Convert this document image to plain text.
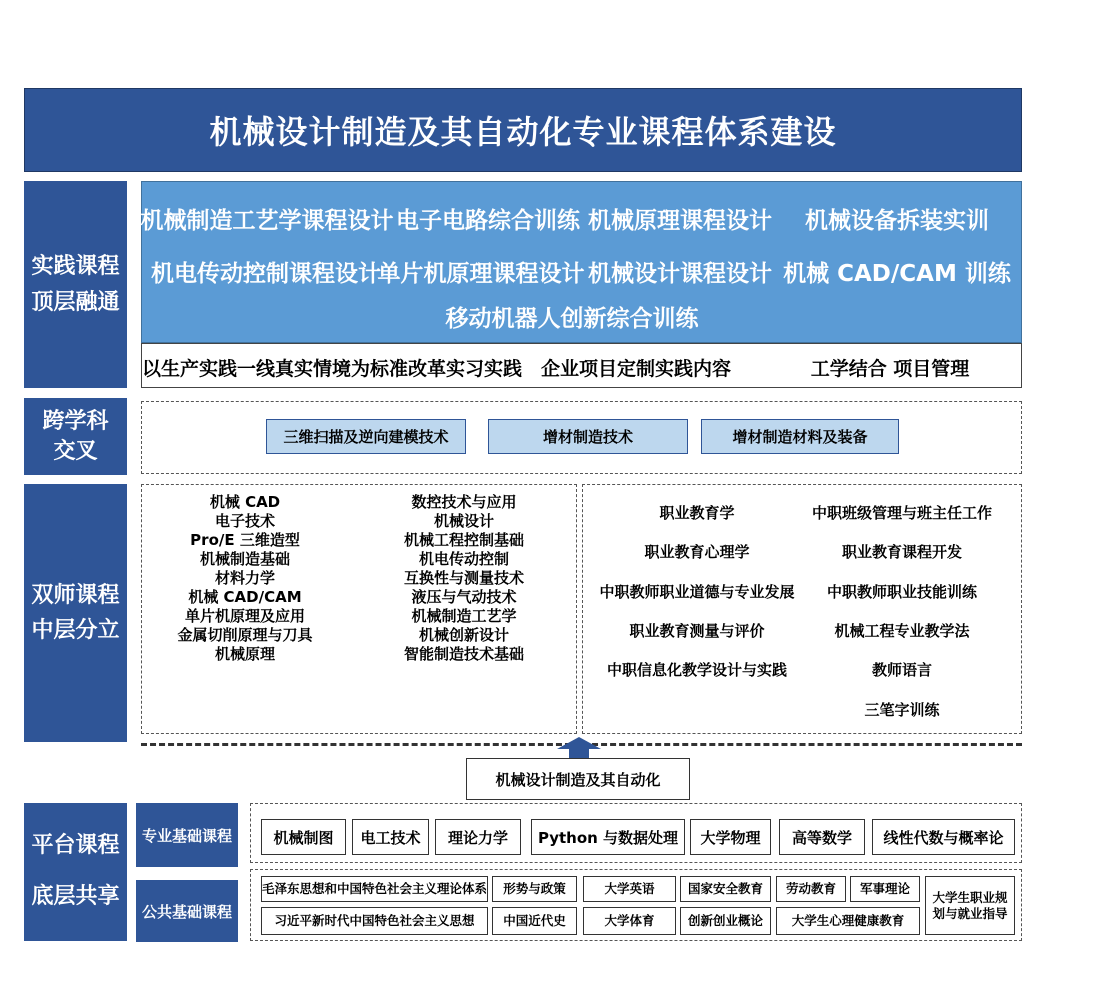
机械设计制造及其自动化专业课程体系建设
实践课程
顶层融通
机械制造工艺学课程设计 电子电路综合训练 机械原理课程设计 机械设备拆装实训
机电传动控制课程设计
单片机原理课程设计 机械设计课程设计 机械 CAD/CAM 训练
移动机器人创新综合训练
以生产实践一线真实情境为标准改革实习实践 企业项目定制实践内容	工学结合 项目管理
跨学科
交叉
三维扫描及逆向建模技术	增材制造技术	增材制造材料及装备
双师课程
中层分立
机械 CAD
电子技术
Pro/E 三维造型
机械制造基础
材料力学
机械 CAD/CAM
单片机原理及应用
金属切削原理与刀具
机械原理
数控技术与应用
机械设计
机械工程控制基础
机电传动控制
互换性与测量技术
液压与气动技术
机械制造工艺学
机械创新设计
智能制造技术基础
职业教育学
职业教育心理学
中职教师职业道德与专业发展
职业教育测量与评价
中职信息化教学设计与实践
中职班级管理与班主任工作
职业教育课程开发
中职教师职业技能训练
机械工程专业教学法
教师语言
三笔字训练
机械设计制造及其自动化
平台课程
底层共享
专业基础课程
公共基础课程
机械制图	电工技术	理论力学	Python 与数据处理	大学物理	高等数学	线性代数与概率论
毛泽东思想和中国特色社会主义理论体系	形势与政策	大学英语	国家安全教育	劳动教育	军事理论
习近平新时代中国特色社会主义思想	中国近代史	大学体育	创新创业概论	大学生心理健康教育
大学生职业规划与就业指导
